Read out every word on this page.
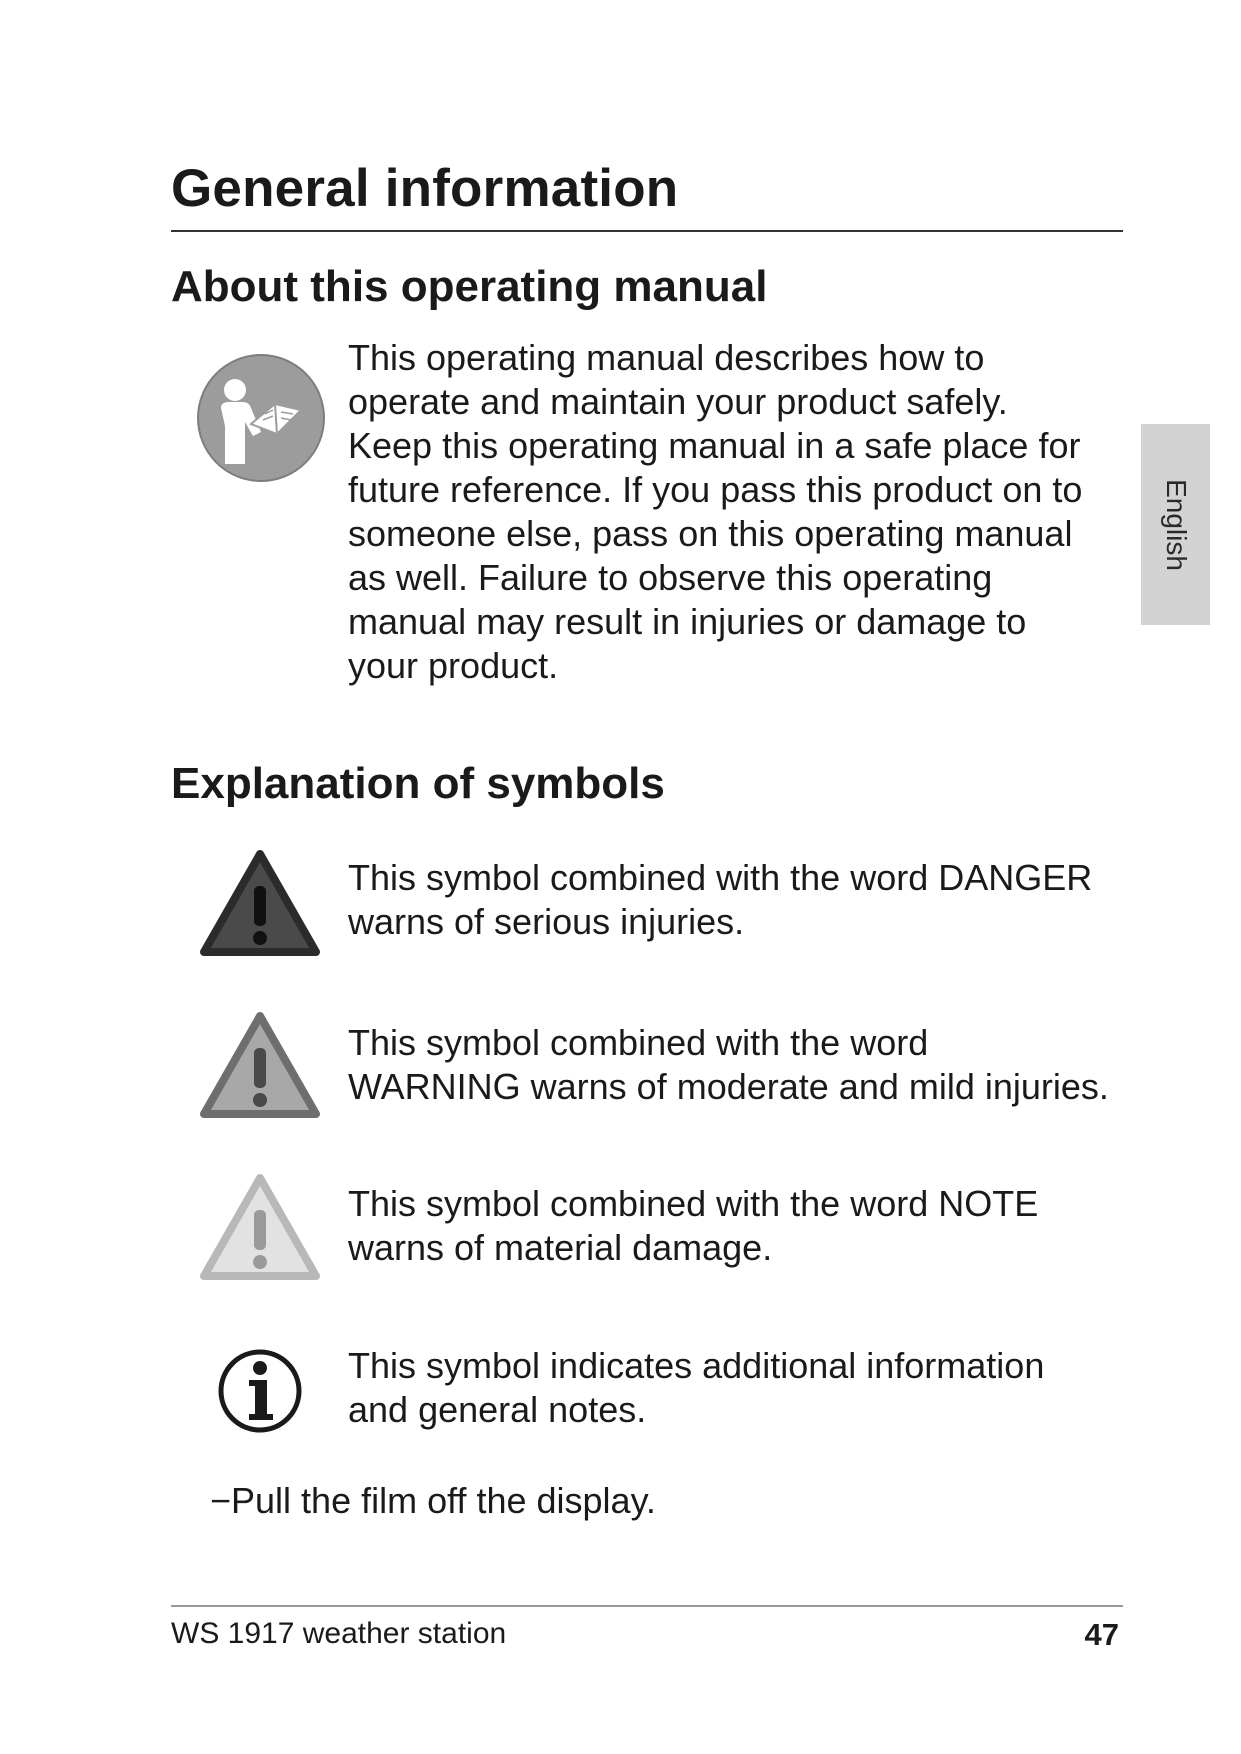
General information
English
About this operating manual
This operating manual describes how to
operate and maintain your product safely.
Keep this operating manual in a safe place for
future reference. If you pass this product on to
someone else, pass on this operating manual
as well. Failure to observe this operating
manual may result in injuries or damage to
your product.
Explanation of symbols
This symbol combined with the word DANGER
warns of serious injuries.
This symbol combined with the word
WARNING warns of moderate and mild injuries.
This symbol combined with the word NOTE
warns of material damage.
This symbol indicates additional information
and general notes.

−Pull the film off the display.

WS 1917 weather station	47
